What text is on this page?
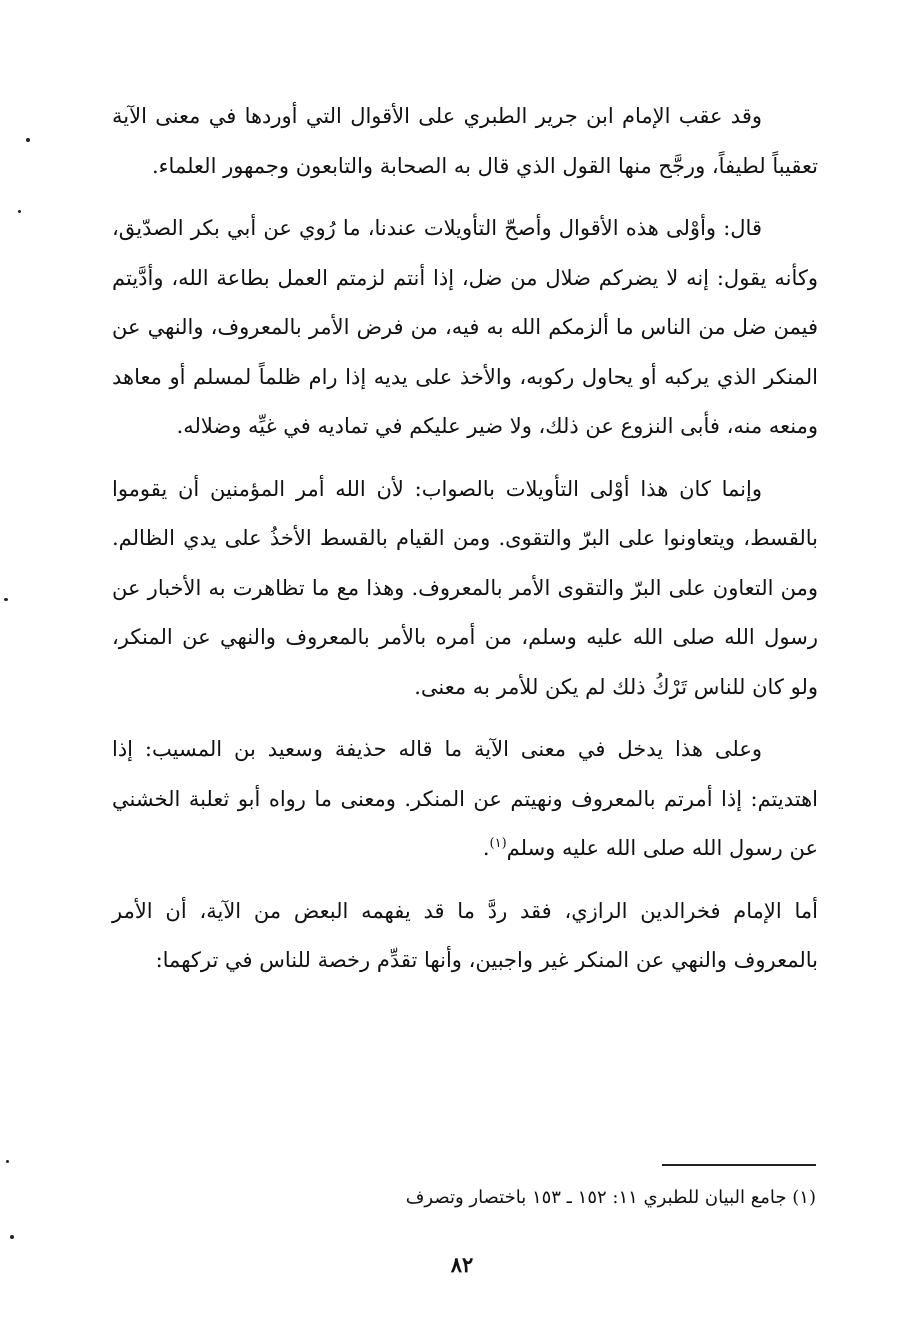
وقد عقب الإمام ابن جرير الطبري على الأقوال التي أوردها في معنى الآية تعقيباً لطيفاً، ورجَّح منها القول الذي قال به الصحابة والتابعون وجمهور العلماء.

قال: وأوْلى هذه الأقوال وأصحّ التأويلات عندنا، ما رُوي عن أبي بكر الصدّيق، وكأنه يقول: إنه لا يضركم ضلال من ضل، إذا أنتم لزمتم العمل بطاعة الله، وأدَّيتم فيمن ضل من الناس ما ألزمكم الله به فيه، من فرض الأمر بالمعروف، والنهي عن المنكر الذي يركبه أو يحاول ركوبه، والأخذ على يديه إذا رام ظلماً لمسلم أو معاهد ومنعه منه، فأبى النزوع عن ذلك، ولا ضير عليكم في تماديه في غيِّه وضلاله.

وإنما كان هذا أوْلى التأويلات بالصواب: لأن الله أمر المؤمنين أن يقوموا بالقسط، ويتعاونوا على البرّ والتقوى. ومن القيام بالقسط الأخذُ على يدي الظالم. ومن التعاون على البرّ والتقوى الأمر بالمعروف. وهذا مع ما تظاهرت به الأخبار عن رسول الله صلى الله عليه وسلم، من أمره بالأمر بالمعروف والنهي عن المنكر، ولو كان للناس تَرْكُ ذلك لم يكن للأمر به معنى.

وعلى هذا يدخل في معنى الآية ما قاله حذيفة وسعيد بن المسيب: إذا اهتديتم: إذا أمرتم بالمعروف ونهيتم عن المنكر. ومعنى ما رواه أبو ثعلبة الخشني عن رسول الله صلى الله عليه وسلم$^{(١)}$.

أما الإمام فخرالدين الرازي، فقد ردَّ ما قد يفهمه البعض من الآية، أن الأمر بالمعروف والنهي عن المنكر غير واجبين، وأنها تقدِّم رخصة للناس في تركهما:

(١) جامع البيان للطبري ١١: ١٥٢ ـ ١٥٣ باختصار وتصرف
٨٢
